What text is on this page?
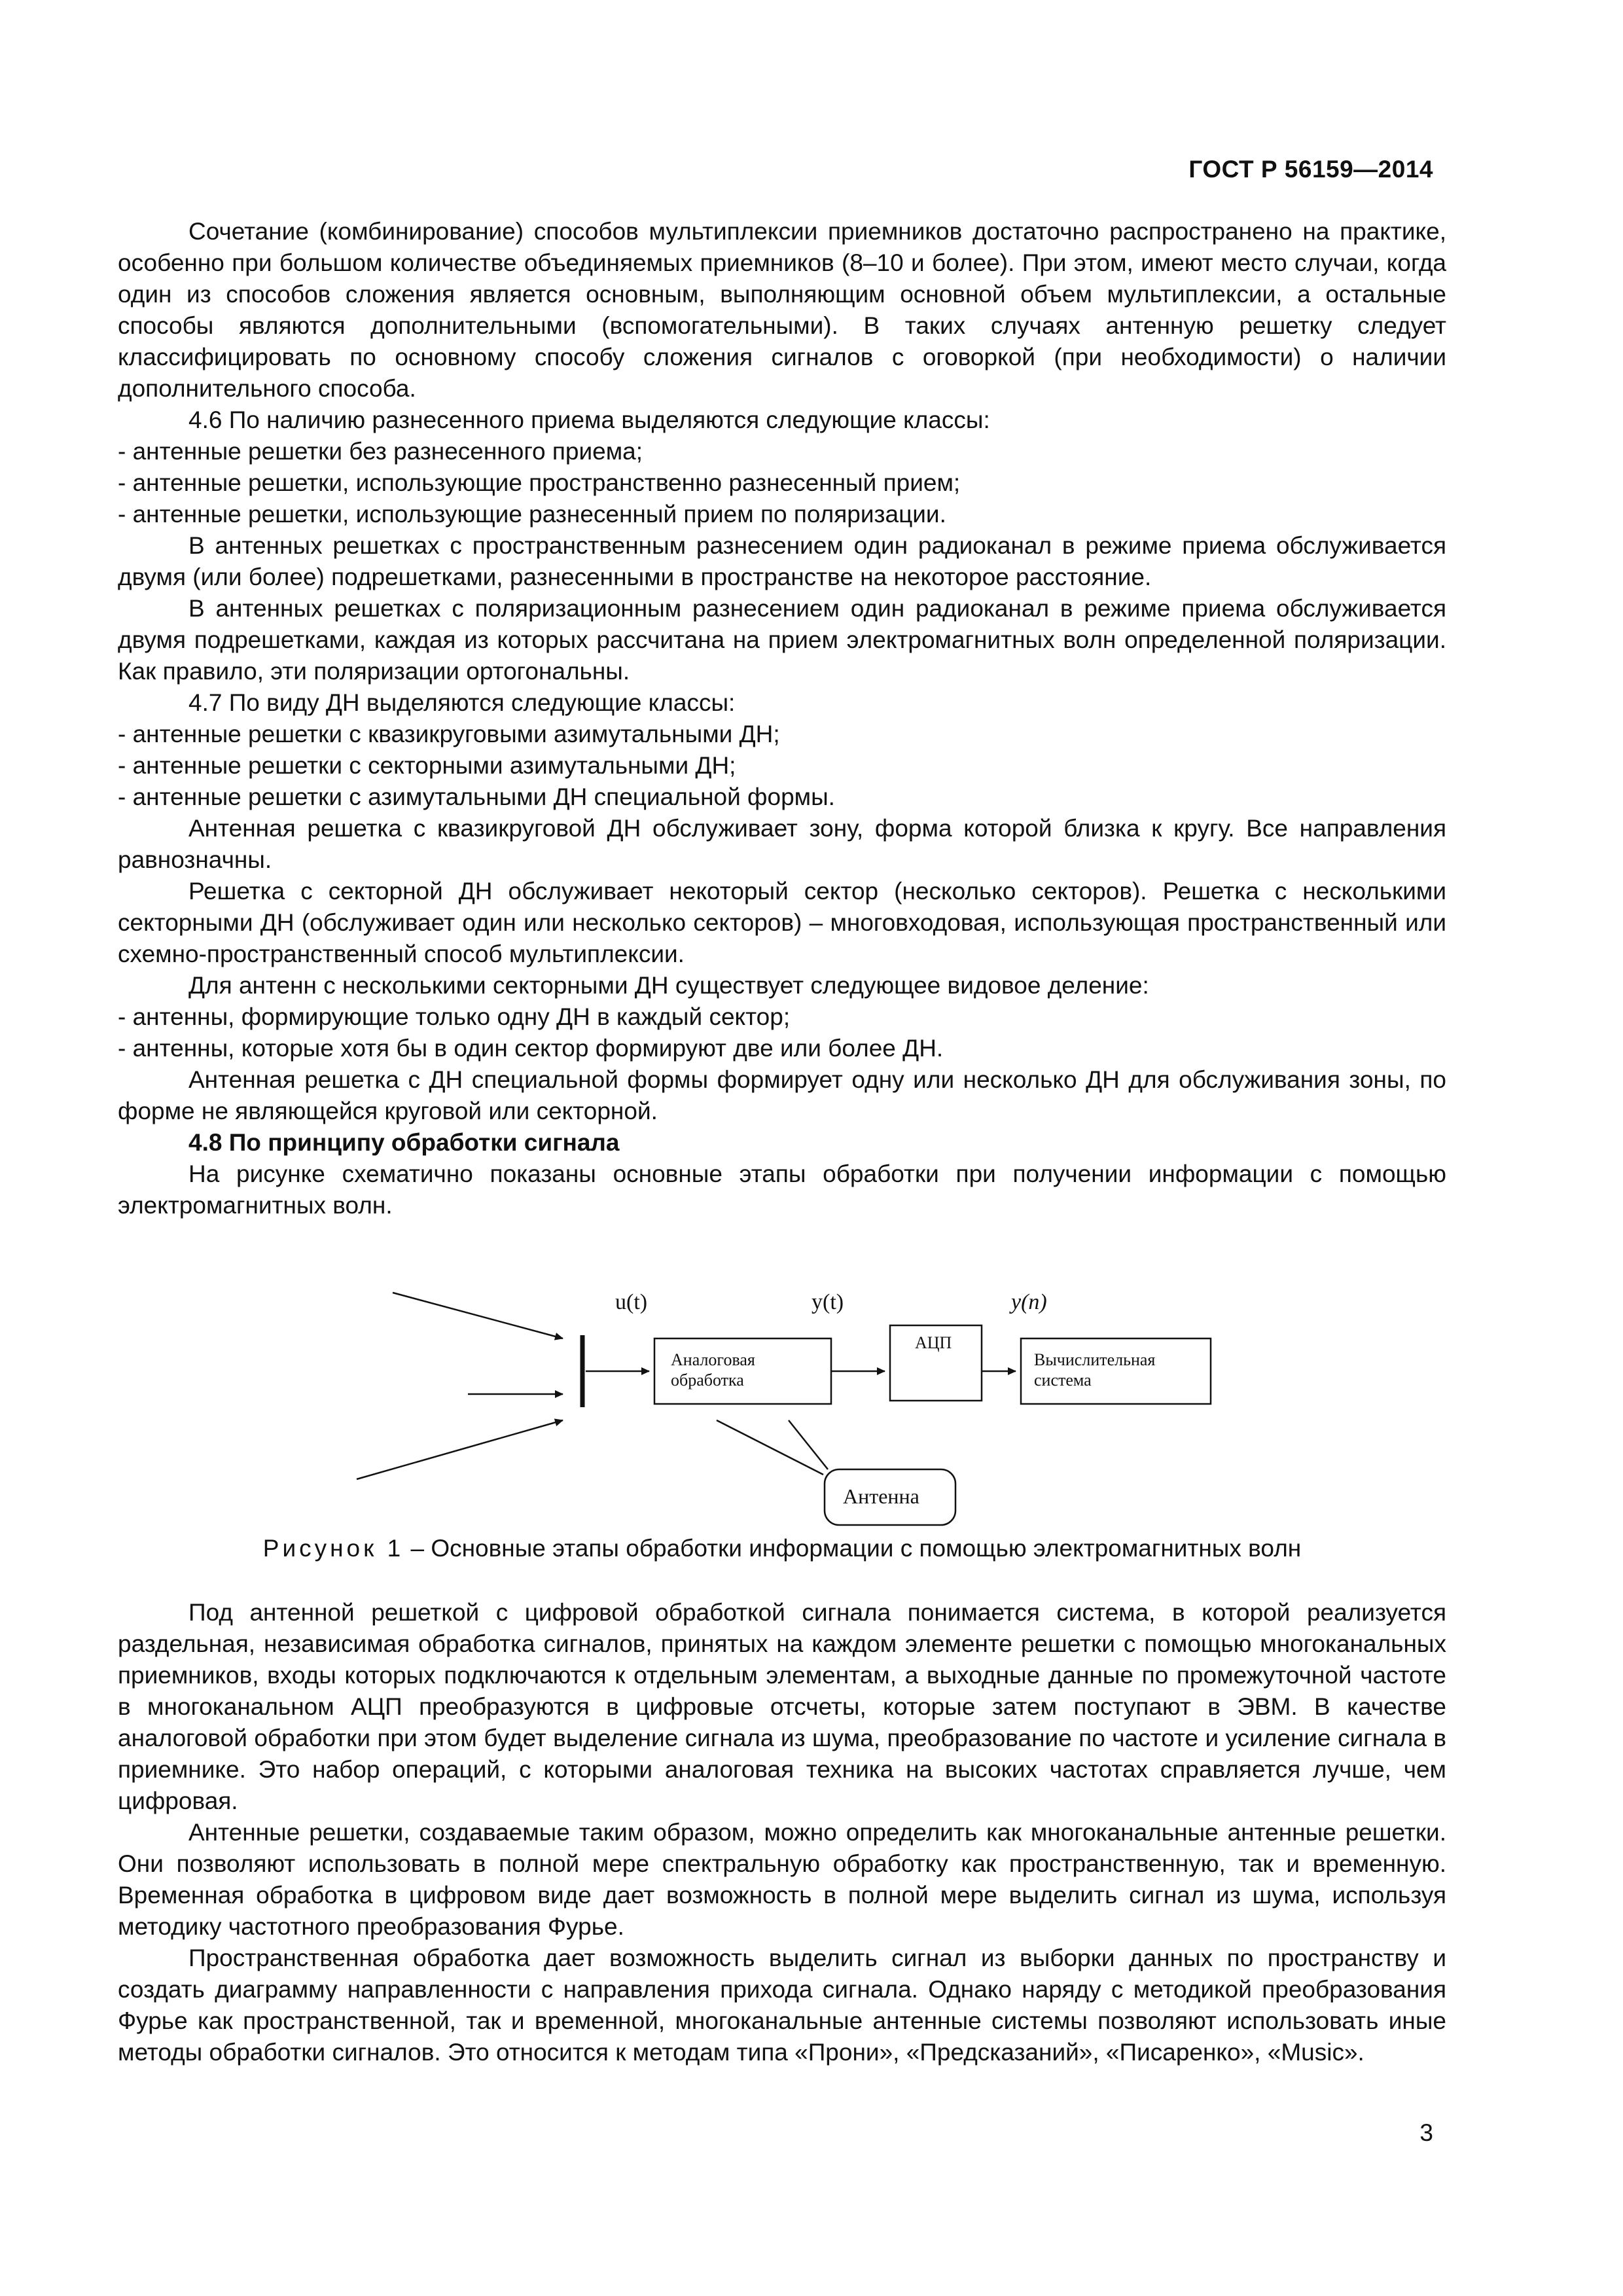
ГОСТ Р 56159—2014

Сочетание (комбинирование) способов мультиплексии приемников достаточно распространено на практике, особенно при большом количестве объединяемых приемников (8–10 и более). При этом, имеют место случаи, когда один из способов сложения является основным, выполняющим основной объем мультиплексии, а остальные способы являются дополнительными (вспомогательными). В таких случаях антенную решетку следует классифицировать по основному способу сложения сигналов с оговоркой (при необходимости) о наличии дополнительного способа.

4.6 По наличию разнесенного приема выделяются следующие классы:

- антенные решетки без разнесенного приема;

- антенные решетки, использующие пространственно разнесенный прием;

- антенные решетки, использующие разнесенный прием по поляризации.

В антенных решетках с пространственным разнесением один радиоканал в режиме приема обслуживается двумя (или более) подрешетками, разнесенными в пространстве на некоторое расстояние.

В антенных решетках с поляризационным разнесением один радиоканал в режиме приема обслуживается двумя подрешетками, каждая из которых рассчитана на прием электромагнитных волн определенной поляризации. Как правило, эти поляризации ортогональны.

4.7 По виду ДН выделяются следующие классы:

- антенные решетки с квазикруговыми азимутальными ДН;

- антенные решетки с секторными азимутальными ДН;

- антенные решетки с азимутальными ДН специальной формы.

Антенная решетка с квазикруговой ДН обслуживает зону, форма которой близка к кругу. Все направления равнозначны.

Решетка с секторной ДН обслуживает некоторый сектор (несколько секторов). Решетка с несколькими секторными ДН (обслуживает один или несколько секторов) – многовходовая, использующая пространственный или схемно-пространственный способ мультиплексии.

Для антенн с несколькими секторными ДН существует следующее видовое деление:

- антенны, формирующие только одну ДН в каждый сектор;

- антенны, которые хотя бы в один сектор формируют две или более ДН.

Антенная решетка с ДН специальной формы формирует одну или несколько ДН для обслуживания зоны, по форме не являющейся круговой или секторной.

4.8 По принципу обработки сигнала

На рисунке схематично показаны основные этапы обработки при получении информации с помощью электромагнитных волн.

u(t)
Аналоговая
обработка
y(t)
АЦП
y(n)
Вычислительная
система
Антенна
Рисунок 1 – Основные этапы обработки информации с помощью электромагнитных волн

Под антенной решеткой с цифровой обработкой сигнала понимается система, в которой реализуется раздельная, независимая обработка сигналов, принятых на каждом элементе решетки с помощью многоканальных приемников, входы которых подключаются к отдельным элементам, а выходные данные по промежуточной частоте в многоканальном АЦП преобразуются в цифровые отсчеты, которые затем поступают в ЭВМ. В качестве аналоговой обработки при этом будет выделение сигнала из шума, преобразование по частоте и усиление сигнала в приемнике. Это набор операций, с которыми аналоговая техника на высоких частотах справляется лучше, чем цифровая.

Антенные решетки, создаваемые таким образом, можно определить как многоканальные антенные решетки. Они позволяют использовать в полной мере спектральную обработку как пространственную, так и временную. Временная обработка в цифровом виде дает возможность в полной мере выделить сигнал из шума, используя методику частотного преобразования Фурье.

Пространственная обработка дает возможность выделить сигнал из выборки данных по пространству и создать диаграмму направленности с направления прихода сигнала. Однако наряду с методикой преобразования Фурье как пространственной, так и временной, многоканальные антенные системы позволяют использовать иные методы обработки сигналов. Это относится к методам типа «Прони», «Предсказаний», «Писаренко», «Music».

3
